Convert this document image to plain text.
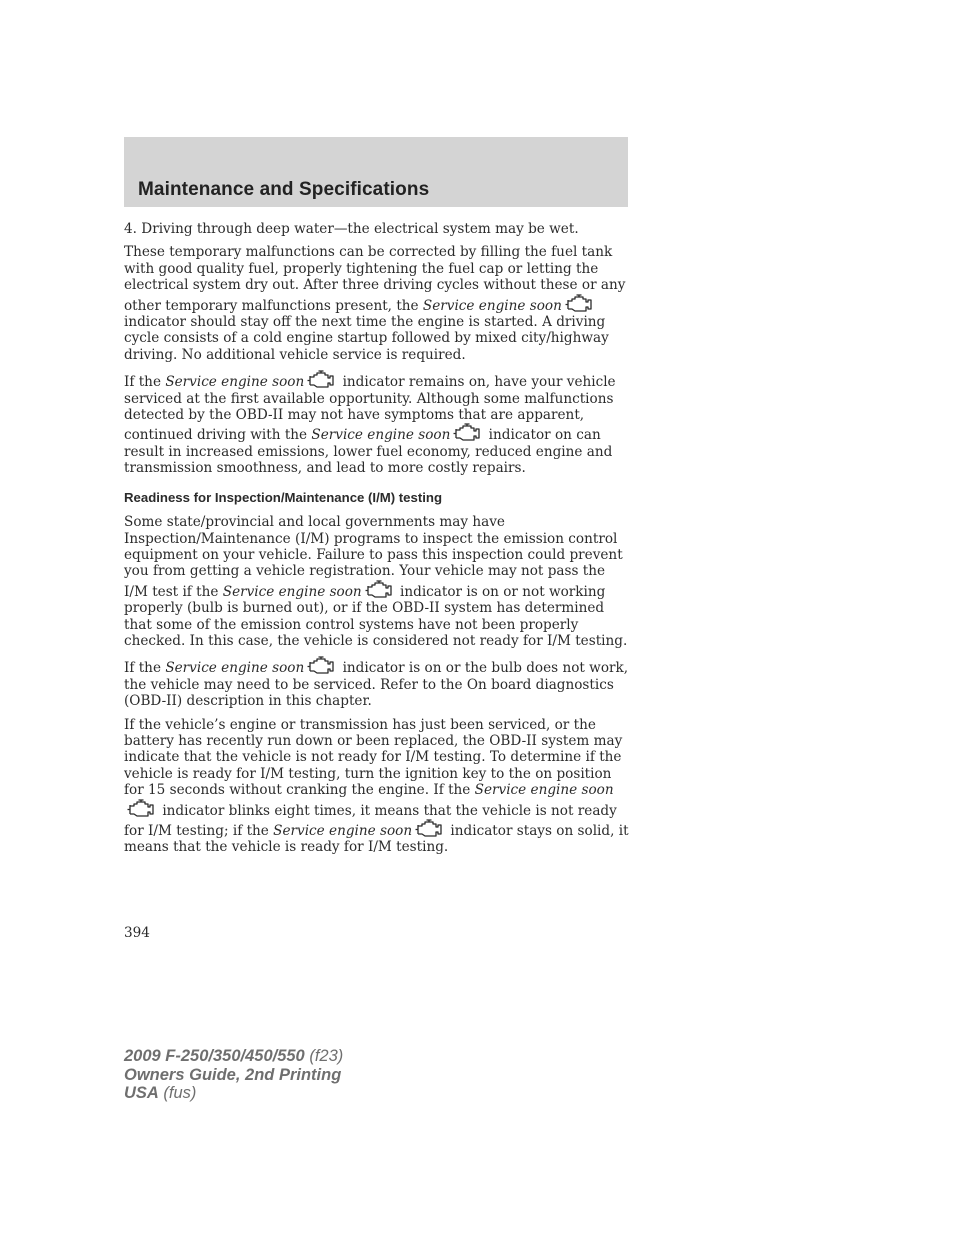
Maintenance and Specifications

4. Driving through deep water—the electrical system may be wet.

These temporary malfunctions can be corrected by filling the fuel tank with good quality fuel, properly tightening the fuel cap or letting the electrical system dry out. After three driving cycles without these or any other temporary malfunctions present, the Service engine soon
indicator should stay off the next time the engine is started. A driving cycle consists of a cold engine startup followed by mixed city/highway driving. No additional vehicle service is required.

If the Service engine soon	indicator remains on, have your vehicle serviced at the first available opportunity. Although some malfunctions detected by the OBD-II may not have symptoms that are apparent, continued driving with the Service engine soon	indicator on can result in increased emissions, lower fuel economy, reduced engine and transmission smoothness, and lead to more costly repairs.

Readiness for Inspection/Maintenance (I/M) testing

Some state/provincial and local governments may have Inspection/Maintenance (I/M) programs to inspect the emission control equipment on your vehicle. Failure to pass this inspection could prevent you from getting a vehicle registration. Your vehicle may not pass the I/M test if the Service engine soon	indicator is on or not working properly (bulb is burned out), or if the OBD-II system has determined that some of the emission control systems have not been properly checked. In this case, the vehicle is considered not ready for I/M testing.

If the Service engine soon	indicator is on or the bulb does not work, the vehicle may need to be serviced. Refer to the On board diagnostics (OBD-II) description in this chapter.

If the vehicle’s engine or transmission has just been serviced, or the battery has recently run down or been replaced, the OBD-II system may indicate that the vehicle is not ready for I/M testing. To determine if the vehicle is ready for I/M testing, turn the ignition key to the on position for 15 seconds without cranking the engine. If the Service engine soon
indicator blinks eight times, it means that the vehicle is not ready for I/M testing; if the Service engine soon	indicator stays on solid, it means that the vehicle is ready for I/M testing.

394
2009 F-250/350/450/550 (f23)
Owners Guide, 2nd Printing
USA (fus)
